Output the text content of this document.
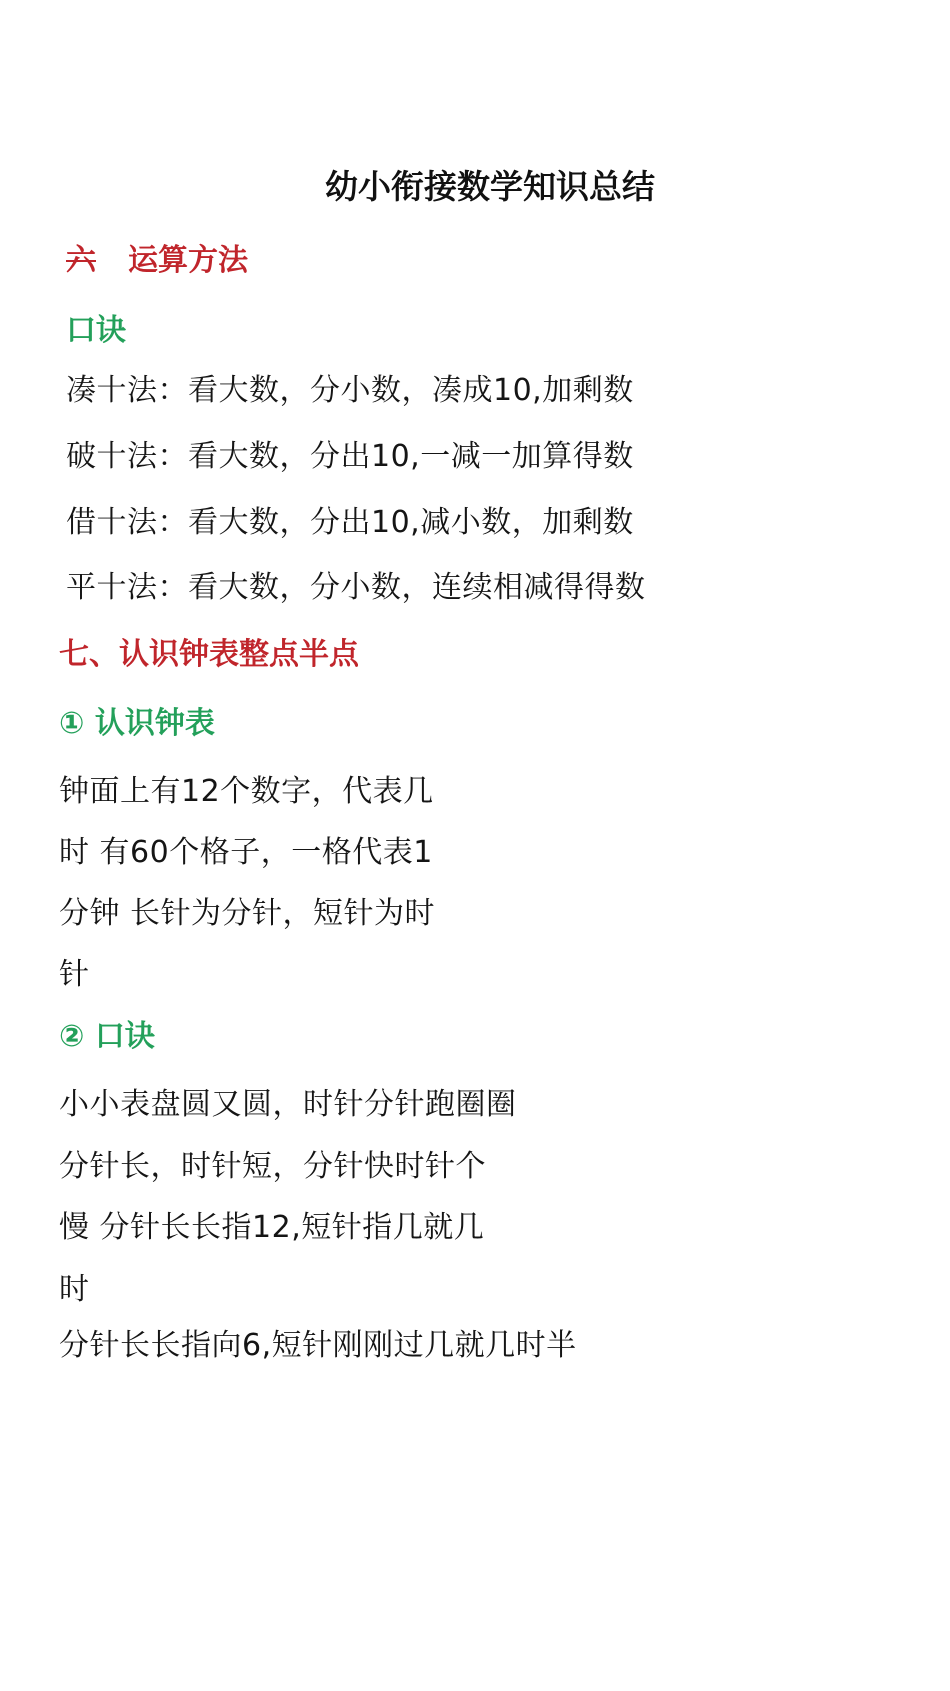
幼小衔接数学知识总结
六 运算方法
口诀

凑十法：看大数，分小数，凑成10,加剩数

破十法：看大数，分出10,一减一加算得数

借十法：看大数，分出10,减小数，加剩数

平十法：看大数，分小数，连续相减得得数

七、认识钟表整点半点
① 认识钟表

钟面上有12个数字，代表几

时 有60个格子，一格代表1

分钟 长针为分针，短针为时

针

② 口诀

小小表盘圆又圆，时针分针跑圈圈

分针长，时针短，分针快时针个

慢 分针长长指12,短针指几就几

时

分针长长指向6,短针刚刚过几就几时半
